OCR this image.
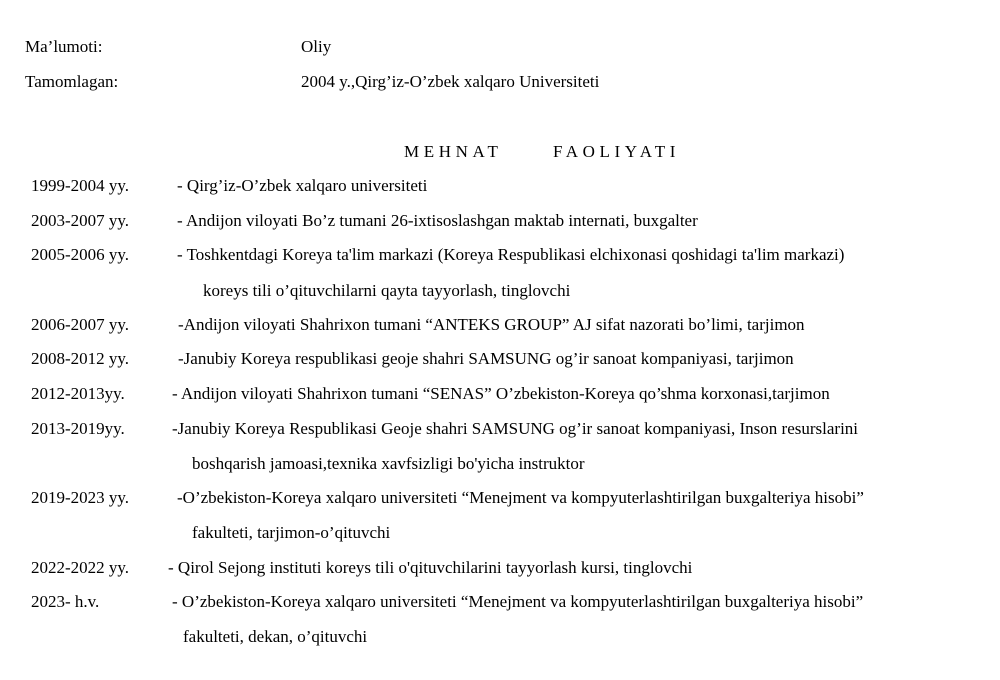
Ma’lumoti:	Oliy
Tamomlagan:	2004 y.,Qirg’iz-O’zbek xalqaro Universiteti
MEHNAT	FAOLIYATI
1999-2004 yy.	- Qirg’iz-O’zbek xalqaro universiteti
2003-2007 yy.	- Andijon viloyati Bo’z tumani 26-ixtisoslashgan maktab internati, buxgalter
2005-2006 yy.	- Toshkentdagi Koreya ta'lim markazi (Koreya Respublikasi elchixonasi qoshidagi ta'lim markazi)
koreys tili o’qituvchilarni qayta tayyorlash, tinglovchi
2006-2007 yy.	-Andijon viloyati Shahrixon tumani “ANTEKS GROUP” AJ sifat nazorati bo’limi, tarjimon
2008-2012 yy.	-Janubiy Koreya respublikasi geoje shahri SAMSUNG og’ir sanoat kompaniyasi, tarjimon
2012-2013yy.	- Andijon viloyati Shahrixon tumani “SENAS” O’zbekiston-Koreya qo’shma korxonasi,tarjimon
2013-2019yy.	-Janubiy Koreya Respublikasi Geoje shahri SAMSUNG og’ir sanoat kompaniyasi, Inson resurslarini
boshqarish jamoasi,texnika xavfsizligi bo'yicha instruktor
2019-2023 yy.	-O’zbekiston-Koreya xalqaro universiteti “Menejment va kompyuterlashtirilgan buxgalteriya hisobi”
fakulteti, tarjimon-o’qituvchi
2022-2022 yy. - Qirol Sejong instituti koreys tili o'qituvchilarini tayyorlash kursi, tinglovchi
2023- h.v.	- O’zbekiston-Koreya xalqaro universiteti “Menejment va kompyuterlashtirilgan buxgalteriya hisobi”
fakulteti, dekan, o’qituvchi
